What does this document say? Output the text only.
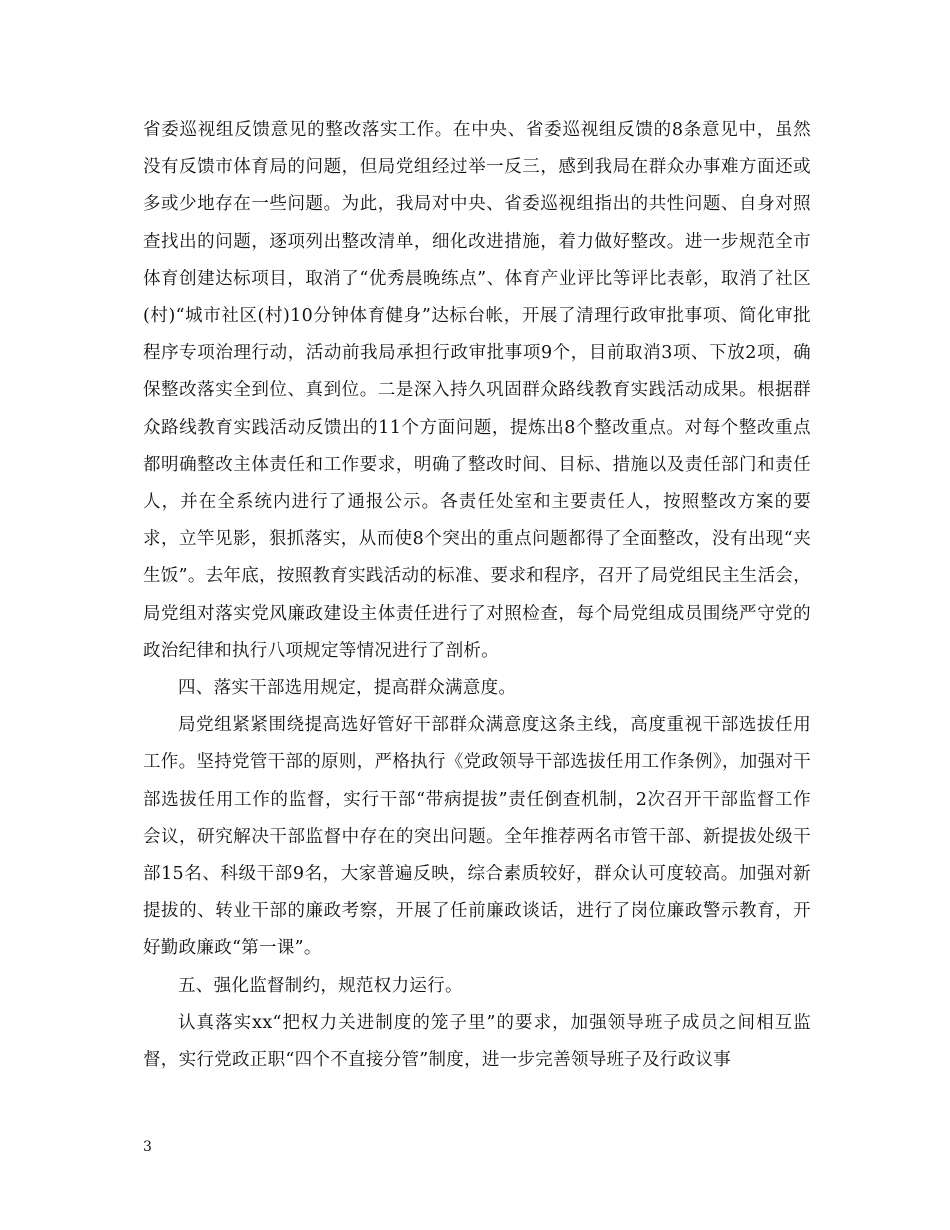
省委巡视组反馈意见的整改落实工作。在中央、省委巡视组反馈的8条意见中，虽然没有反馈市体育局的问题，但局党组经过举一反三，感到我局在群众办事难方面还或多或少地存在一些问题。为此，我局对中央、省委巡视组指出的共性问题、自身对照查找出的问题，逐项列出整改清单，细化改进措施，着力做好整改。进一步规范全市体育创建达标项目，取消了“优秀晨晚练点”、体育产业评比等评比表彰，取消了社区(村)“城市社区(村)10分钟体育健身”达标台帐，开展了清理行政审批事项、简化审批程序专项治理行动，活动前我局承担行政审批事项9个，目前取消3项、下放2项，确保整改落实全到位、真到位。二是深入持久巩固群众路线教育实践活动成果。根据群众路线教育实践活动反馈出的11个方面问题，提炼出8个整改重点。对每个整改重点都明确整改主体责任和工作要求，明确了整改时间、目标、措施以及责任部门和责任人，并在全系统内进行了通报公示。各责任处室和主要责任人，按照整改方案的要求，立竿见影，狠抓落实，从而使8个突出的重点问题都得了全面整改，没有出现“夹生饭”。去年底，按照教育实践活动的标准、要求和程序，召开了局党组民主生活会，局党组对落实党风廉政建设主体责任进行了对照检查，每个局党组成员围绕严守党的政治纪律和执行八项规定等情况进行了剖析。

四、落实干部选用规定，提高群众满意度。

局党组紧紧围绕提高选好管好干部群众满意度这条主线，高度重视干部选拔任用工作。坚持党管干部的原则，严格执行《党政领导干部选拔任用工作条例》，加强对干部选拔任用工作的监督，实行干部“带病提拔”责任倒查机制，2次召开干部监督工作会议，研究解决干部监督中存在的突出问题。全年推荐两名市管干部、新提拔处级干部15名、科级干部9名，大家普遍反映，综合素质较好，群众认可度较高。加强对新提拔的、转业干部的廉政考察，开展了任前廉政谈话，进行了岗位廉政警示教育，开好勤政廉政“第一课”。

五、强化监督制约，规范权力运行。

认真落实xx“把权力关进制度的笼子里”的要求，加强领导班子成员之间相互监督，实行党政正职“四个不直接分管”制度，进一步完善领导班子及行政议事

3
